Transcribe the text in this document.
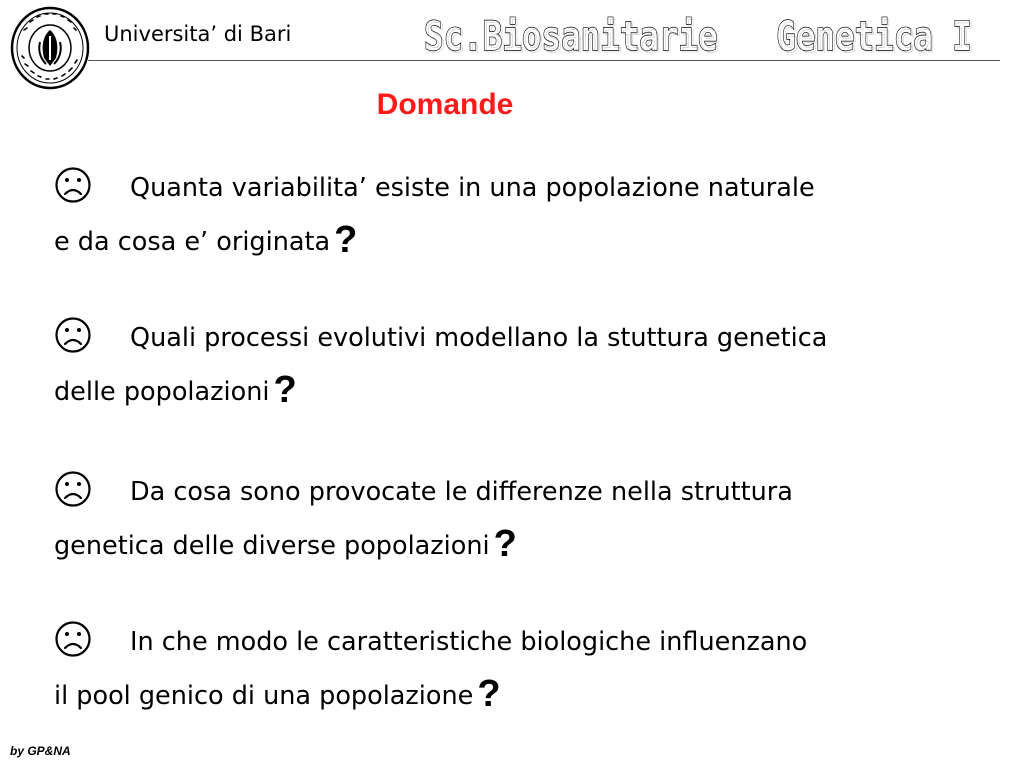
Universita’ di Bari	Sc.Biosanitarie   Genetica I
Sc.Biosanitarie   Genetica I
Domande
Quanta variabilita’ esiste in una popolazione naturale
e da cosa e’ originata ?
Quali processi evolutivi modellano la stuttura genetica
delle popolazioni ?
Da cosa sono provocate le differenze nella struttura
genetica delle diverse popolazioni ?
In che modo le caratteristiche biologiche influenzano
il pool genico di una popolazione ?
by GP&NA
